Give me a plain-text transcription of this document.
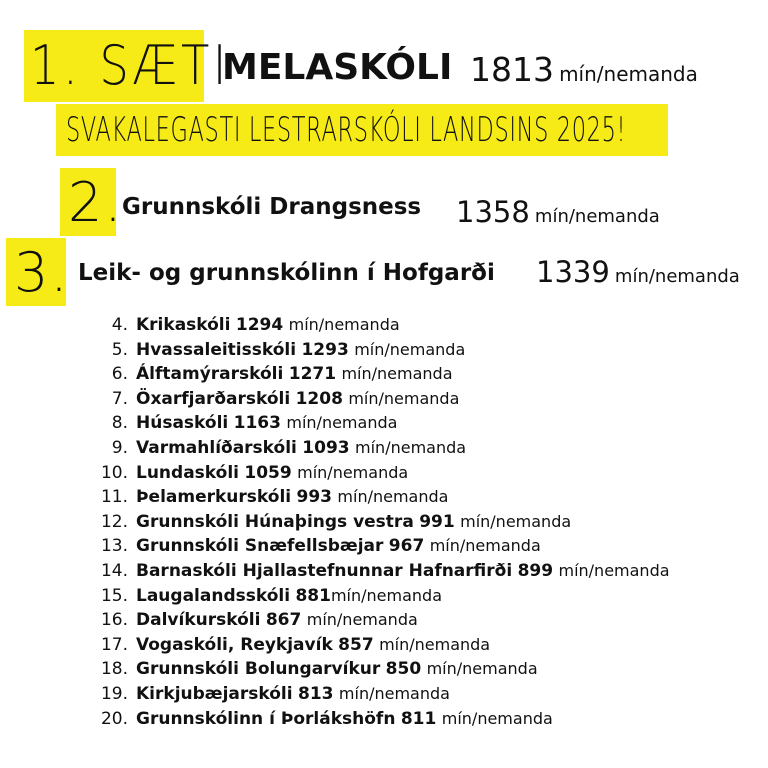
1. SÆTI
MELASKÓLI 1813 mín/nemanda
SVAKALEGASTI LESTRARSKÓLI LANDSINS 2025!
2.
Grunnskóli Drangsness 1358 mín/nemanda
3. Leik- og grunnskólinn í Hofgarði 1339 mín/nemanda
4. Krikaskóli 1294 mín/nemanda
5. Hvassaleitisskóli 1293 mín/nemanda
6. Álftamýrarskóli 1271 mín/nemanda
7. Öxarfjarðarskóli 1208 mín/nemanda
8. Húsaskóli 1163 mín/nemanda
9. Varmahlíðarskóli 1093 mín/nemanda
10. Lundaskóli 1059 mín/nemanda
11. Þelamerkurskóli 993 mín/nemanda
12. Grunnskóli Húnaþings vestra 991 mín/nemanda
13. Grunnskóli Snæfellsbæjar 967 mín/nemanda
14. Barnaskóli Hjallastefnunnar Hafnarfirði 899 mín/nemanda
15. Laugalandsskóli 881mín/nemanda
16. Dalvíkurskóli 867 mín/nemanda
17. Vogaskóli, Reykjavík 857 mín/nemanda
18. Grunnskóli Bolungarvíkur 850 mín/nemanda
19. Kirkjubæjarskóli 813 mín/nemanda
20. Grunnskólinn í Þorlákshöfn 811 mín/nemanda
